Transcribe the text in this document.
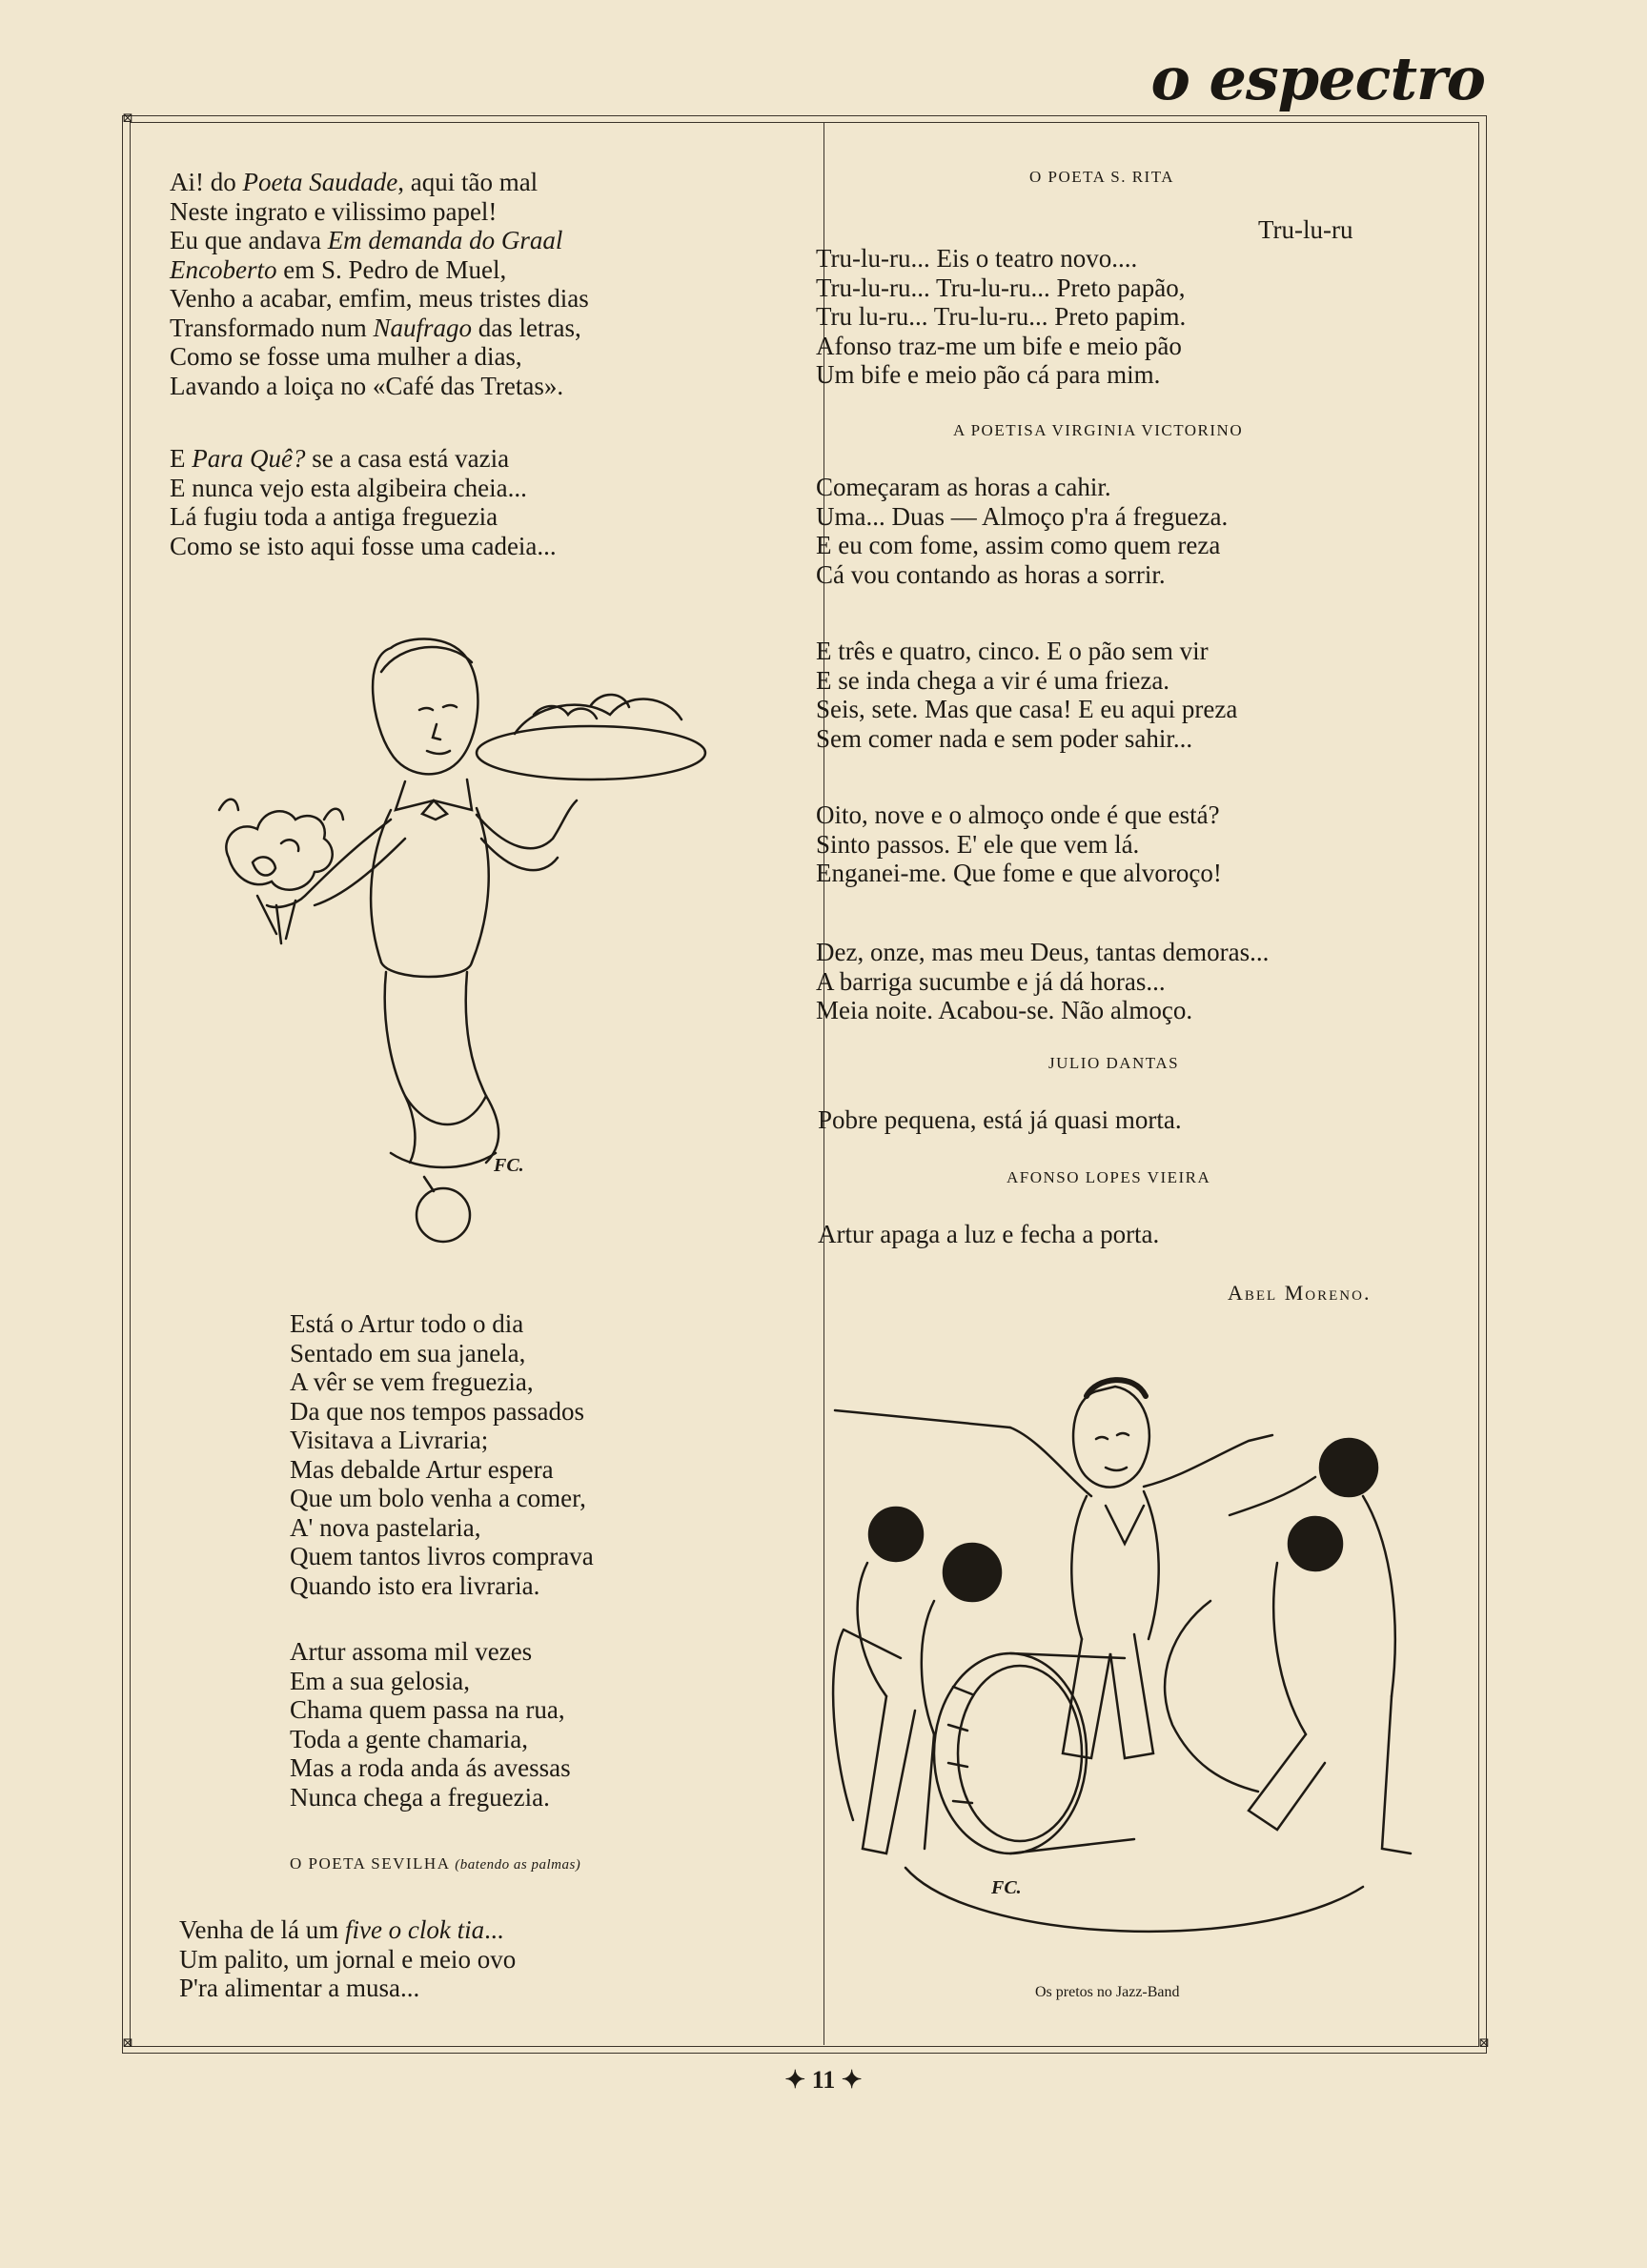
o espectro
⊠
⊠
⊠
Ai! do Poeta Saudade, aqui tão mal
Neste ingrato e vilissimo papel!
Eu que andava Em demanda do Graal
Encoberto em S. Pedro de Muel,
Venho a acabar, emfim, meus tristes dias
Transformado num Naufrago das letras,
Como se fosse uma mulher a dias,
Lavando a loiça no «Café das Tretas».
E Para Quê? se a casa está vazia
E nunca vejo esta algibeira cheia...
Lá fugiu toda a antiga freguezia
Como se isto aqui fosse uma cadeia...
FC.
Está o Artur todo o dia
Sentado em sua janela,
A vêr se vem freguezia,
Da que nos tempos passados
Visitava a Livraria;
Mas debalde Artur espera
Que um bolo venha a comer,
A' nova pastelaria,
Quem tantos livros comprava
Quando isto era livraria.
Artur assoma mil vezes
Em a sua gelosia,
Chama quem passa na rua,
Toda a gente chamaria,
Mas a roda anda ás avessas
Nunca chega a freguezia.
O POETA SEVILHA (batendo as palmas)
Venha de lá um five o clok tia...
Um palito, um jornal e meio ovo
P'ra alimentar a musa...
O POETA S. RITA
Tru-lu-ru
Tru-lu-ru... Eis o teatro novo....
Tru-lu-ru... Tru-lu-ru... Preto papão,
Tru lu-ru... Tru-lu-ru... Preto papim.
Afonso traz-me um bife e meio pão
Um bife e meio pão cá para mim.
A POETISA VIRGINIA VICTORINO
Começaram as horas a cahir.
Uma... Duas — Almoço p'ra á fregueza.
E eu com fome, assim como quem reza
Cá vou contando as horas a sorrir.
E três e quatro, cinco. E o pão sem vir
E se inda chega a vir é uma frieza.
Seis, sete. Mas que casa! E eu aqui preza
Sem comer nada e sem poder sahir...
Oito, nove e o almoço onde é que está?
Sinto passos. E' ele que vem lá.
Enganei-me. Que fome e que alvoroço!
Dez, onze, mas meu Deus, tantas demoras...
A barriga sucumbe e já dá horas...
Meia noite. Acabou-se. Não almoço.
JULIO DANTAS
Pobre pequena, está já quasi morta.
AFONSO LOPES VIEIRA
Artur apaga a luz e fecha a porta.
Abel Moreno.
FC.
Os pretos no Jazz-Band
✦ 11 ✦
